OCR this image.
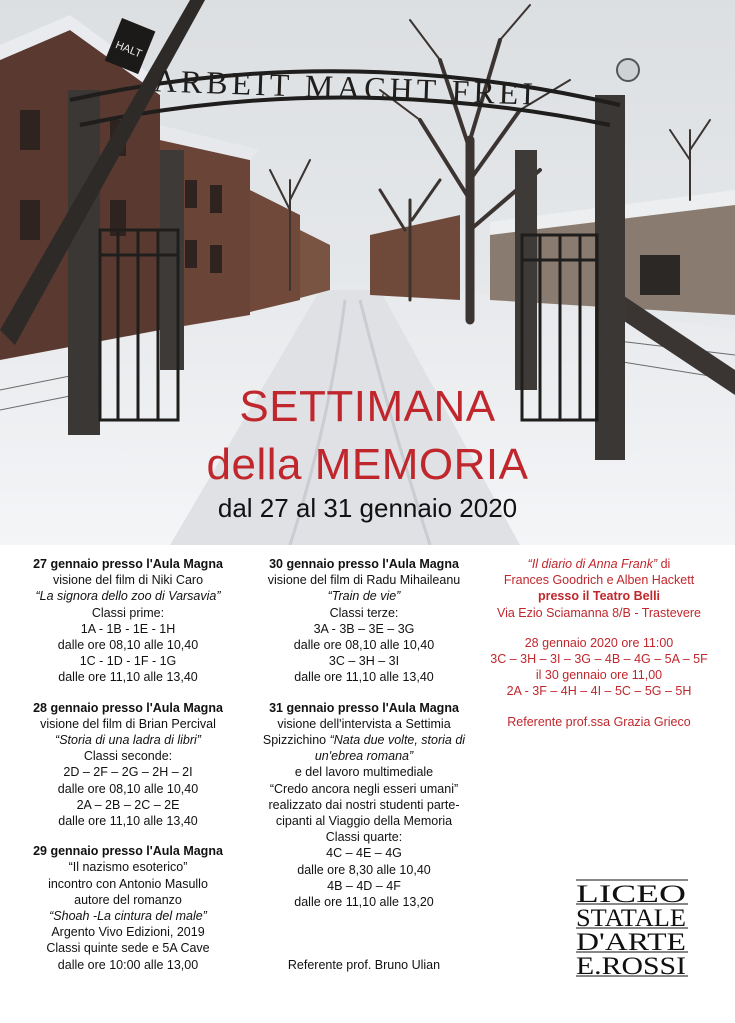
HALT
ARBEIT MACHT FREI
SETTIMANA
della MEMORIA
dal 27 al 31 gennaio 2020
27 gennaio presso l'Aula Magna
visione del film di Niki Caro
“La signora dello zoo di Varsavia”
Classi prime:
1A - 1B - 1E - 1H
dalle ore 08,10 alle 10,40
1C - 1D - 1F - 1G
dalle ore 11,10 alle 13,40
28 gennaio presso l'Aula Magna
visione del film di Brian Percival
“Storia di una ladra di libri”
Classi seconde:
2D – 2F – 2G – 2H – 2I
dalle ore 08,10 alle 10,40
2A – 2B – 2C – 2E
dalle ore 11,10 alle 13,40
29 gennaio presso l'Aula Magna
“Il nazismo esoterico”
incontro con Antonio Masullo
autore del romanzo
“Shoah -La cintura del male”
Argento Vivo Edizioni, 2019
Classi quinte sede e 5A Cave
dalle ore 10:00 alle 13,00
30 gennaio presso l'Aula Magna
visione del film di Radu Mihaileanu
“Train de vie”
Classi terze:
3A - 3B – 3E – 3G
dalle ore 08,10 alle 10,40
3C – 3H – 3I
dalle ore 11,10 alle 13,40
31 gennaio presso l'Aula Magna
visione dell'intervista a Settimia
Spizzichino “Nata due volte, storia di
un'ebrea romana”
e del lavoro multimediale
“Credo ancora negli esseri umani”
realizzato dai nostri studenti parte-
cipanti al Viaggio della Memoria
Classi quarte:
4C – 4E – 4G
dalle ore 8,30 alle 10,40
4B – 4D – 4F
dalle ore 11,10 alle 13,20
Referente prof. Bruno Ulian
“Il diario di Anna Frank” di
Frances Goodrich e Alben Hackett
presso il Teatro Belli
Via Ezio Sciamanna 8/B - Trastevere
28 gennaio 2020 ore 11:00
3C – 3H – 3I – 3G – 4B – 4G – 5A – 5F
il 30 gennaio ore 11,00
2A - 3F – 4H – 4I – 5C – 5G – 5H
Referente prof.ssa Grazia Grieco
LICEO
STATALE
D'ARTE
E.ROSSI
